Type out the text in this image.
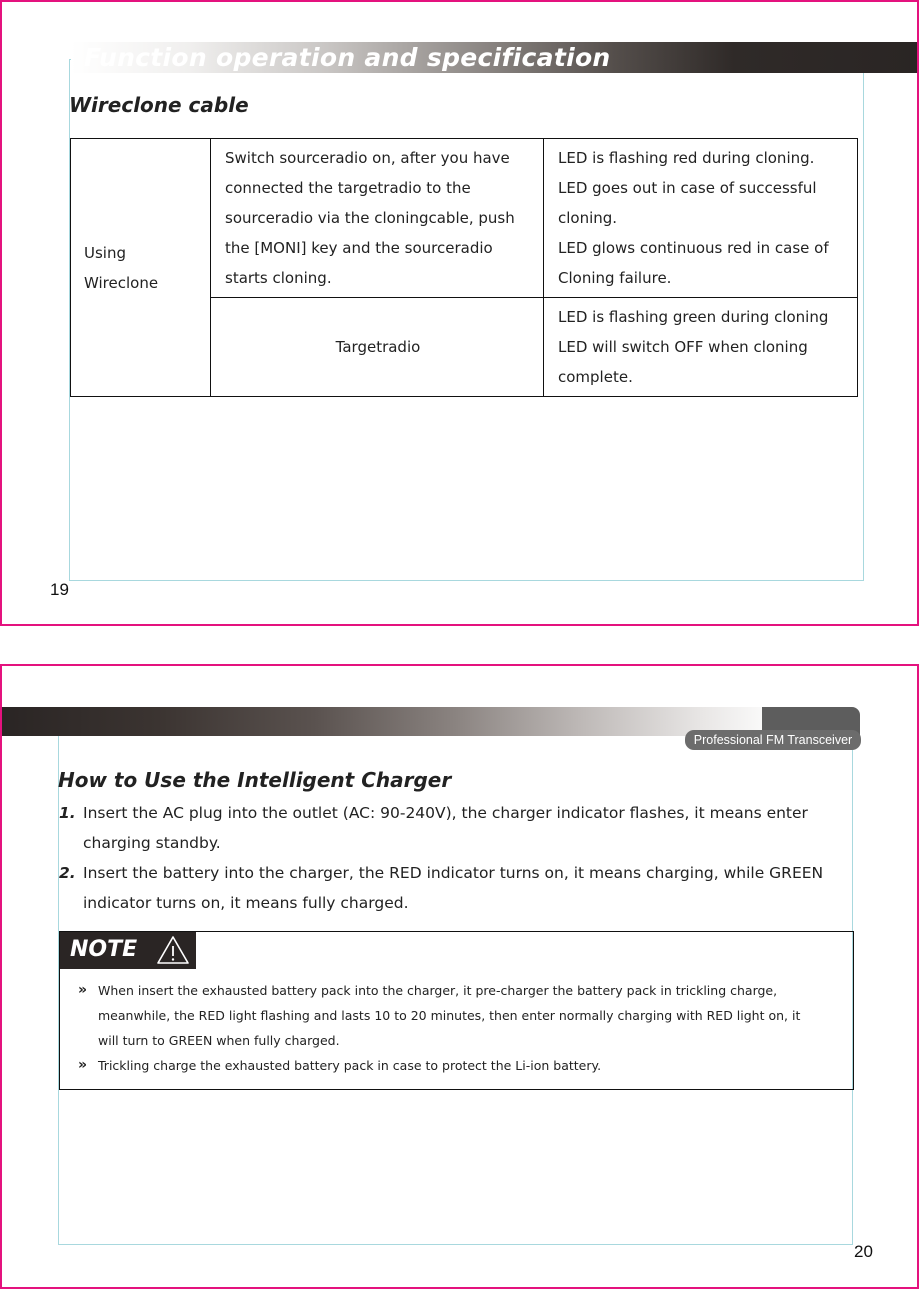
Function operation and specification
Wireclone cable
Using Wireclone	Switch sourceradio on, after you have
connected the targetradio to the
sourceradio via the cloningcable, push
the [MONI] key and the sourceradio
starts cloning.	LED is flashing red during cloning.
LED goes out in case of successful
cloning.
LED glows continuous red in case of
Cloning failure.

	Targetradio	LED is flashing green during cloning
LED will switch OFF when cloning
complete.
19
Professional FM Transceiver
How to Use the Intelligent Charger
1. Insert the AC plug into the outlet (AC: 90-240V), the charger indicator flashes, it means enter
charging standby.
2. Insert the battery into the charger, the RED indicator turns on, it means charging, while GREEN
indicator turns on, it means fully charged.
NOTE
» When insert the exhausted battery pack into the charger, it pre-charger the battery pack in trickling charge,
meanwhile, the RED light flashing and lasts 10 to 20 minutes, then enter normally charging with RED light on, it
will turn to GREEN when fully charged.
» Trickling charge the exhausted battery pack in case to protect the Li-ion battery.
20
